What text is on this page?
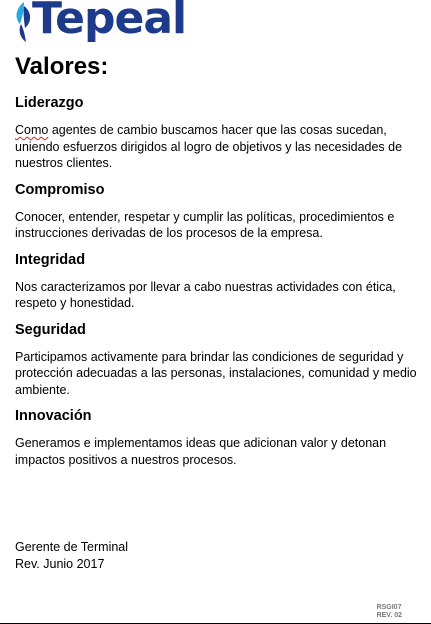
Tepeal
Valores:
Liderazgo

Como agentes de cambio buscamos hacer que las cosas sucedan, uniendo esfuerzos dirigidos al logro de objetivos y las necesidades de nuestros clientes.

Compromiso

Conocer, entender, respetar y cumplir las políticas, procedimientos e instrucciones derivadas de los procesos de la empresa.

Integridad

Nos caracterizamos por llevar a cabo nuestras actividades con ética, respeto y honestidad.

Seguridad

Participamos activamente para brindar las condiciones de seguridad y protección adecuadas a las personas, instalaciones, comunidad y medio ambiente.

Innovación

Generamos e implementamos ideas que adicionan valor y detonan impactos positivos a nuestros procesos.

Gerente de Terminal
Rev. Junio 2017
RSGI07
REV. 02
